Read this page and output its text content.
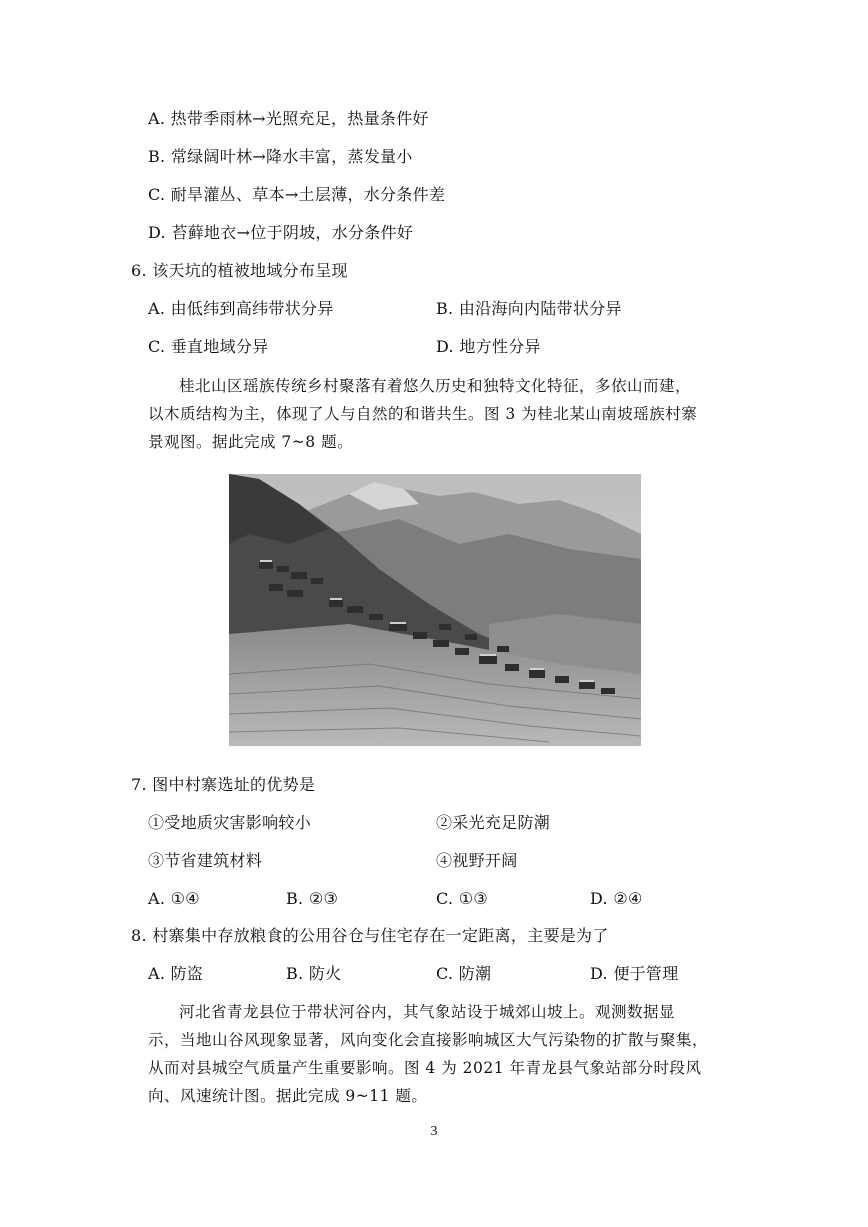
A. 热带季雨林→光照充足，热量条件好
B. 常绿阔叶林→降水丰富，蒸发量小
C. 耐旱灌丛、草本→土层薄，水分条件差
D. 苔藓地衣→位于阴坡，水分条件好
6. 该天坑的植被地域分布呈现
A. 由低纬到高纬带状分异	B. 由沿海向内陆带状分异
C. 垂直地域分异	D. 地方性分异

桂北山区瑶族传统乡村聚落有着悠久历史和独特文化特征，多依山而建，

以木质结构为主，体现了人与自然的和谐共生。图 3 为桂北某山南坡瑶族村寨

景观图。据此完成 7~8 题。

7. 图中村寨选址的优势是
①受地质灾害影响较小	②采光充足防潮
③节省建筑材料	④视野开阔
A. ①④	B. ②③	C. ①③	D. ②④
8. 村寨集中存放粮食的公用谷仓与住宅存在一定距离，主要是为了
A. 防盗	B. 防火	C. 防潮	D. 便于管理

河北省青龙县位于带状河谷内，其气象站设于城郊山坡上。观测数据显

示，当地山谷风现象显著，风向变化会直接影响城区大气污染物的扩散与聚集，

从而对县城空气质量产生重要影响。图 4 为 2021 年青龙县气象站部分时段风

向、风速统计图。据此完成 9~11 题。

3
